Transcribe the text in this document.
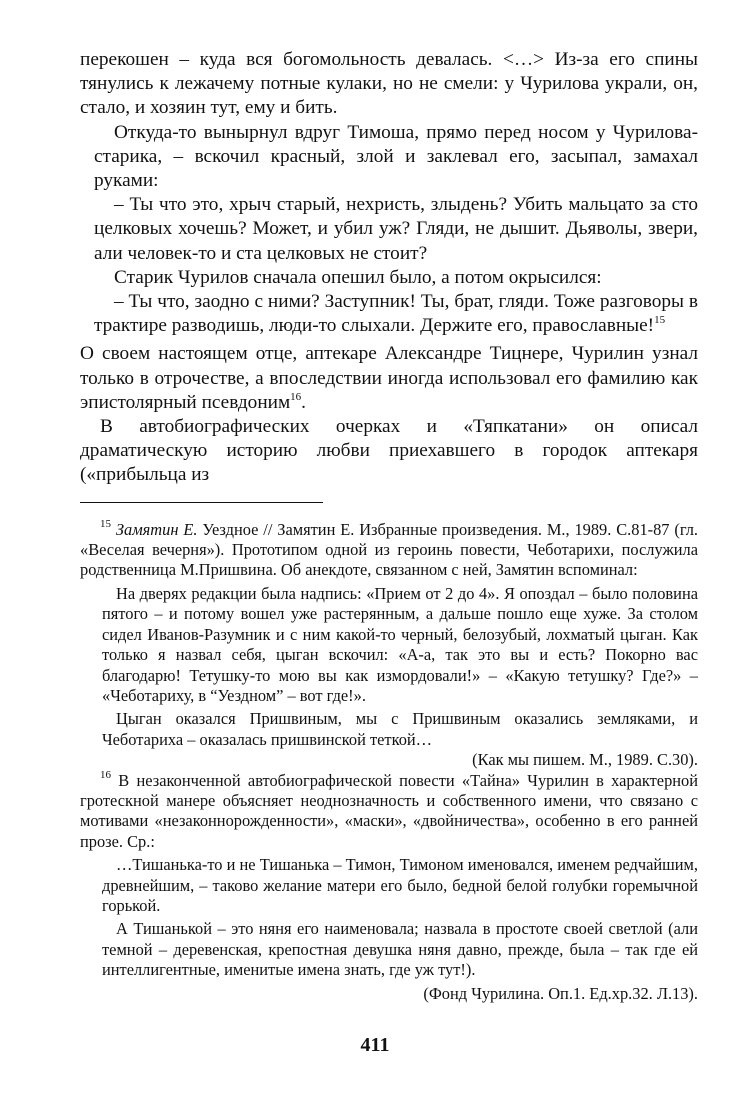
перекошен – куда вся богомольность девалась. <…> Из-за его спины тянулись к лежачему потные кулаки, но не смели: у Чурилова украли, он, стало, и хозяин тут, ему и бить.

Откуда-то вынырнул вдруг Тимоша, прямо перед носом у Чурилова-старика, – вскочил красный, злой и заклевал его, засыпал, замахал руками:

– Ты что это, хрыч старый, нехристь, злыдень? Убить мальцато за сто целковых хочешь? Может, и убил уж? Гляди, не дышит. Дьяволы, звери, али человек-то и ста целковых не стоит?

Старик Чурилов сначала опешил было, а потом окрысился:

– Ты что, заодно с ними? Заступник! Ты, брат, гляди. Тоже разговоры в трактире разводишь, люди-то слыхали. Держите его, православные!$^{15}$

О своем настоящем отце, аптекаре Александре Тицнере, Чурилин узнал только в отрочестве, а впоследствии иногда использовал его фамилию как эпистолярный псевдоним$^{16}$.

В автобиографических очерках и «Тяпкатани» он описал драматическую историю любви приехавшего в городок аптекаря («прибыльца из

$^{15}$ Замятин Е. Уездное // Замятин Е. Избранные произведения. М., 1989. С.81-87 (гл. «Веселая вечерня»). Прототипом одной из героинь повести, Чеботарихи, послужила родственница М.Пришвина. Об анекдоте, связанном с ней, Замятин вспоминал:

На дверях редакции была надпись: «Прием от 2 до 4». Я опоздал – было половина пятого – и потому вошел уже растерянным, а дальше пошло еще хуже. За столом сидел Иванов-Разумник и с ним какой-то черный, белозубый, лохматый цыган. Как только я назвал себя, цыган вскочил: «А-а, так это вы и есть? Покорно вас благодарю! Тетушку-то мою вы как измордовали!» – «Какую тетушку? Где?» – «Чеботариху, в “Уездном” – вот где!».

Цыган оказался Пришвиным, мы с Пришвиным оказались земляками, и Чеботариха – оказалась пришвинской теткой…

(Как мы пишем. М., 1989. С.30).

$^{16}$ В незаконченной автобиографической повести «Тайна» Чурилин в характерной гротескной манере объясняет неоднозначность и собственного имени, что связано с мотивами «незаконнорожденности», «маски», «двойничества», особенно в его ранней прозе. Ср.:

…Тишанька-то и не Тишанька – Тимон, Тимоном именовался, именем редчайшим, древнейшим, – таково желание матери его было, бедной белой голубки горемычной горькой.

А Тишанькой – это няня его наименовала; назвала в простоте своей светлой (али темной – деревенская, крепостная девушка няня давно, прежде, была – так где ей интеллигентные, именитые имена знать, где уж тут!).

(Фонд Чурилина. Оп.1. Ед.хр.32. Л.13).

411
